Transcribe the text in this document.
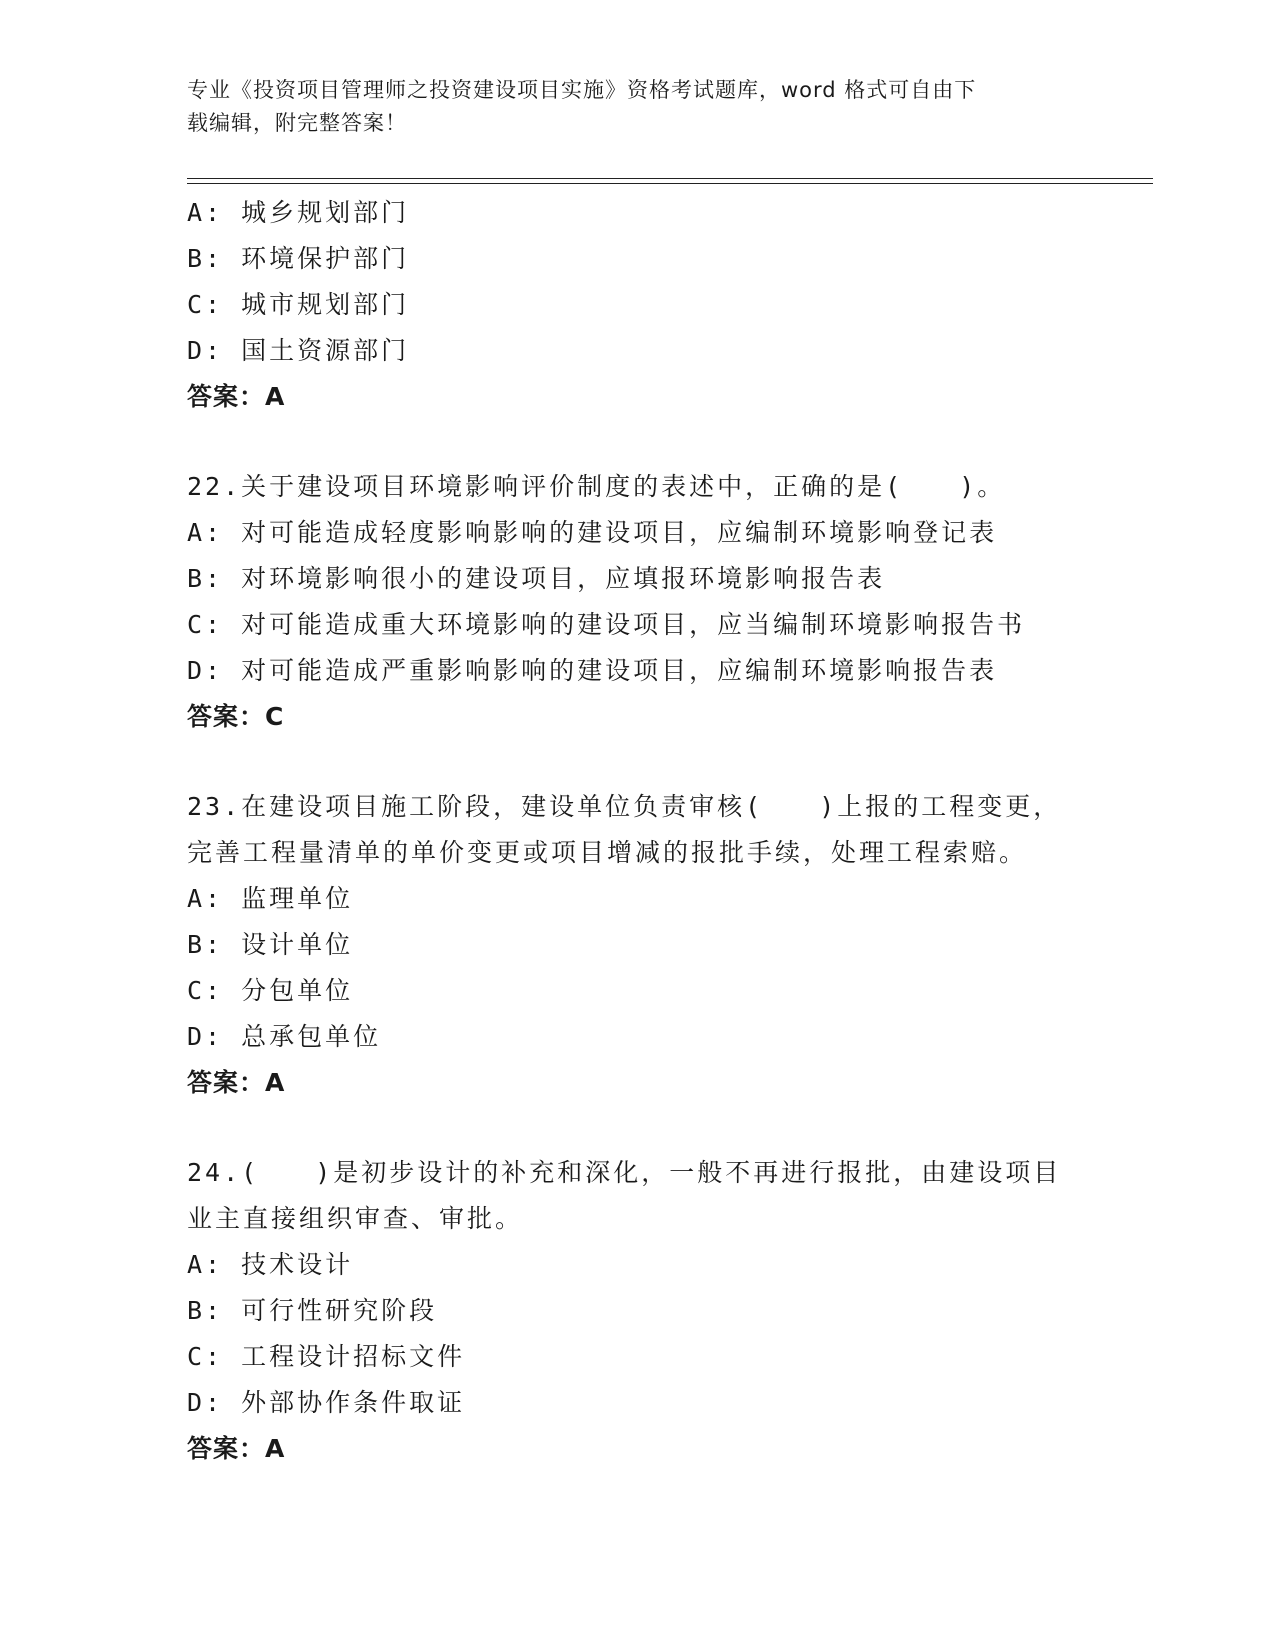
专业《投资项目管理师之投资建设项目实施》资格考试题库，word 格式可自由下
载编辑，附完整答案！
A: 城乡规划部门
B: 环境保护部门
C: 城市规划部门
D: 国土资源部门
答案：A
22.关于建设项目环境影响评价制度的表述中，正确的是(　　)。
A: 对可能造成轻度影响影响的建设项目，应编制环境影响登记表
B: 对环境影响很小的建设项目，应填报环境影响报告表
C: 对可能造成重大环境影响的建设项目，应当编制环境影响报告书
D: 对可能造成严重影响影响的建设项目，应编制环境影响报告表
答案：C
23.在建设项目施工阶段，建设单位负责审核(　　)上报的工程变更，
完善工程量清单的单价变更或项目增减的报批手续，处理工程索赔。
A: 监理单位
B: 设计单位
C: 分包单位
D: 总承包单位
答案：A
24.(　　)是初步设计的补充和深化，一般不再进行报批，由建设项目
业主直接组织审查、审批。
A: 技术设计
B: 可行性研究阶段
C: 工程设计招标文件
D: 外部协作条件取证
答案：A
